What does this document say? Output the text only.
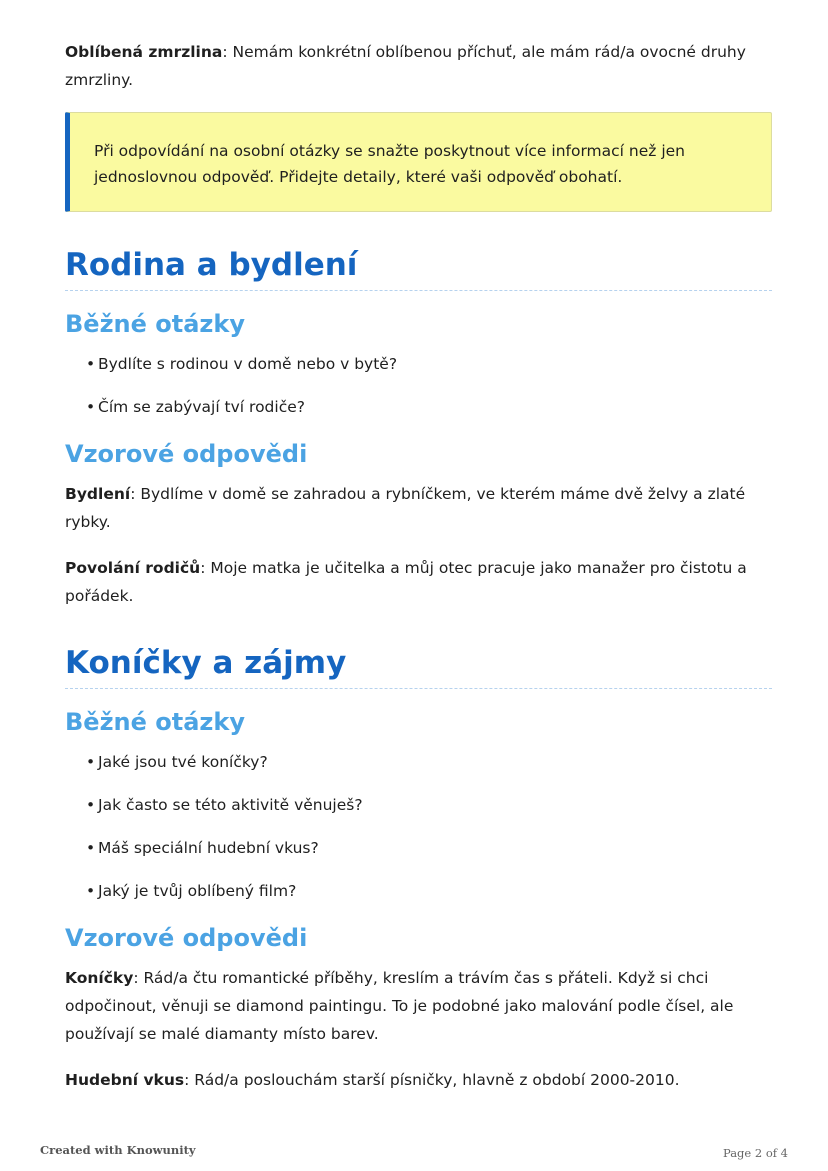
Oblíbená zmrzlina: Nemám konkrétní oblíbenou příchuť, ale mám rád/a ovocné druhy zmrzliny.

Při odpovídání na osobní otázky se snažte poskytnout více informací než jen jednoslovnou odpověď. Přidejte detaily, které vaši odpověď obohatí.

Rodina a bydlení
Běžné otázky
• Bydlíte s rodinou v domě nebo v bytě?
• Čím se zabývají tví rodiče?
Vzorové odpovědi

Bydlení: Bydlíme v domě se zahradou a rybníčkem, ve kterém máme dvě želvy a zlaté rybky.

Povolání rodičů: Moje matka je učitelka a můj otec pracuje jako manažer pro čistotu a pořádek.

Koníčky a zájmy
Běžné otázky
• Jaké jsou tvé koníčky?
• Jak často se této aktivitě věnuješ?
• Máš speciální hudební vkus?
• Jaký je tvůj oblíbený film?
Vzorové odpovědi

Koníčky: Rád/a čtu romantické příběhy, kreslím a trávím čas s přáteli. Když si chci odpočinout, věnuji se diamond paintingu. To je podobné jako malování podle čísel, ale používají se malé diamanty místo barev.

Hudební vkus: Rád/a poslouchám starší písničky, hlavně z období 2000-2010.

Created with Knowunity	Page 2 of 4
